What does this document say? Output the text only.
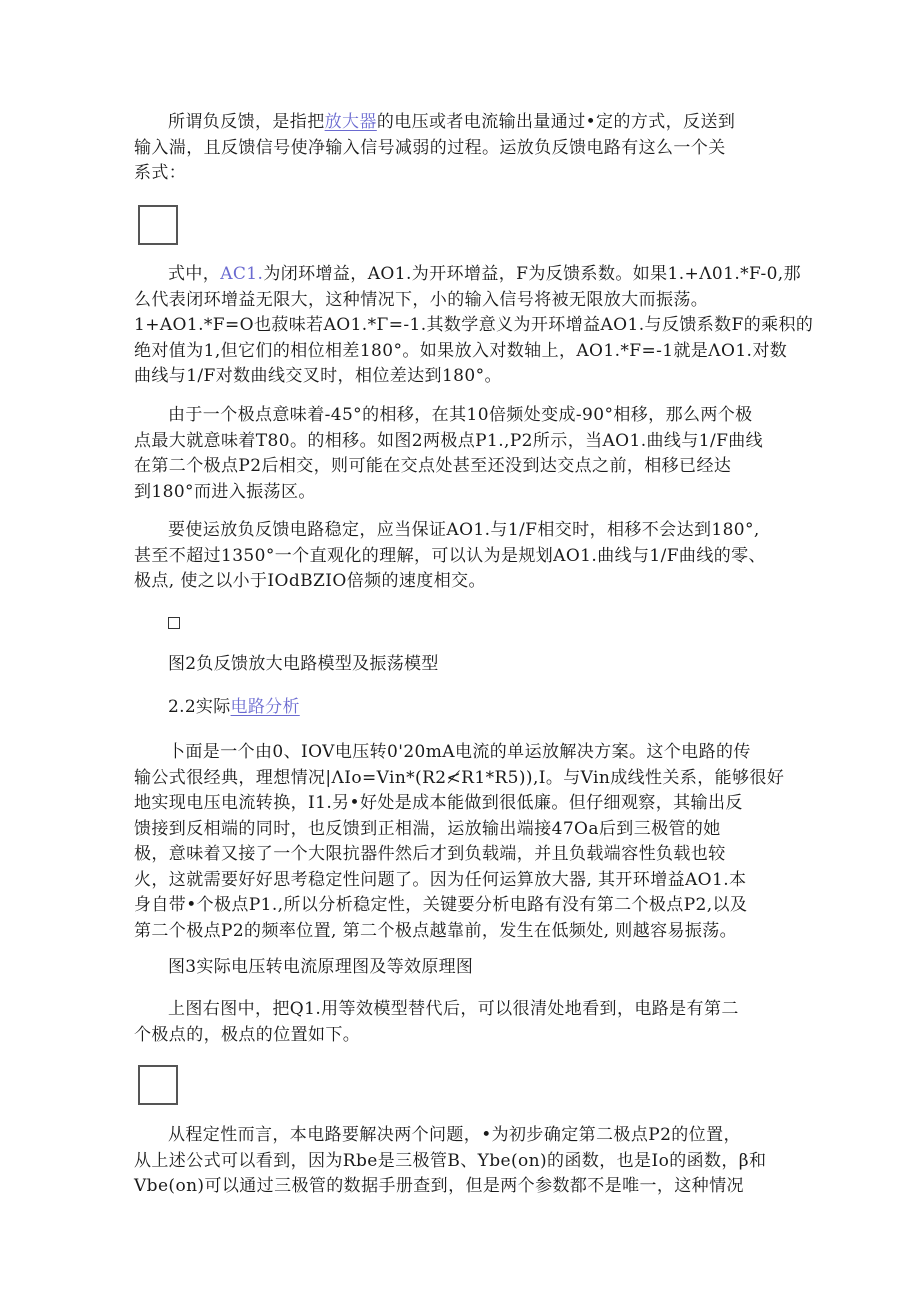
所谓负反馈，是指把放大器的电压或者电流输出量通过•定的方式，反送到
输入湍，且反馈信号使净输入信号减弱的过程。运放负反馈电路有这么一个关
系式：

式中，AC1.为闭环增益，AO1.为开环增益，F为反馈系数。如果1.+Λ01.*F-0,那
么代表闭环增益无限大，这种情况下，小的输入信号将被无限放大而振荡。
1+AO1.*F=O也菽味若AO1.*Γ=-1.其数学意义为开环增益AO1.与反馈系数F的乘积的
绝对值为1,但它们的相位相差180°。如果放入对数轴上，AO1.*F=-1就是ΛO1.对数
曲线与1/F对数曲线交叉时，相位差达到180°。

由于一个极点意味着-45°的相移，在其10倍频处变成-90°相移，那么两个极
点最大就意味着T80。的相移。如图2两极点P1.,P2所示，当AO1.曲线与1/F曲线
在第二个极点P2后相交，则可能在交点处甚至还没到达交点之前，相移已经达
到180°而进入振荡区。

要使运放负反馈电路稳定，应当保证AO1.与1/F相交时，相移不会达到180°,
甚至不超过1350°一个直观化的理解，可以认为是规划AO1.曲线与1/F曲线的零、
极点, 使之以小于IOdBZIO倍频的速度相交。

图2负反馈放大电路模型及振荡模型

2.2实际电路分析

卜面是一个由0、IOV电压转0'20mA电流的单运放解决方案。这个电路的传
输公式很经典，理想情况|ΛIo=Vin*(R2≮R1*R5)),I。与Vin成线性关系，能够很好
地实现电压电流转换，I1.另•好处是成本能做到很低廉。但仔细观察，其输出反
馈接到反相端的同时，也反馈到正相湍，运放输出端接47Oa后到三极管的她
极，意味着又接了一个大限抗器件然后才到负载端，并且负载端容性负载也较
火，这就需要好好思考稳定性问题了。因为任何运算放大器, 其开环增益AO1.本
身自带•个极点P1.,所以分析稳定性，关键要分析电路有没有第二个极点P2,以及
第二个极点P2的频率位置, 第二个极点越靠前，发生在低频处, 则越容易振荡。

图3实际电压转电流原理图及等效原理图

上图右图中，把Q1.用等效模型替代后，可以很清处地看到，电路是有第二
个极点的，极点的位置如下。

从程定性而言，本电路要解决两个问题，•为初步确定第二极点P2的位置，
从上述公式可以看到，因为Rbe是三极管B、Ybe(on)的函数，也是Io的函数，β和
Vbe(on)可以通过三极管的数据手册查到，但是两个参数都不是唯一，这种情况
